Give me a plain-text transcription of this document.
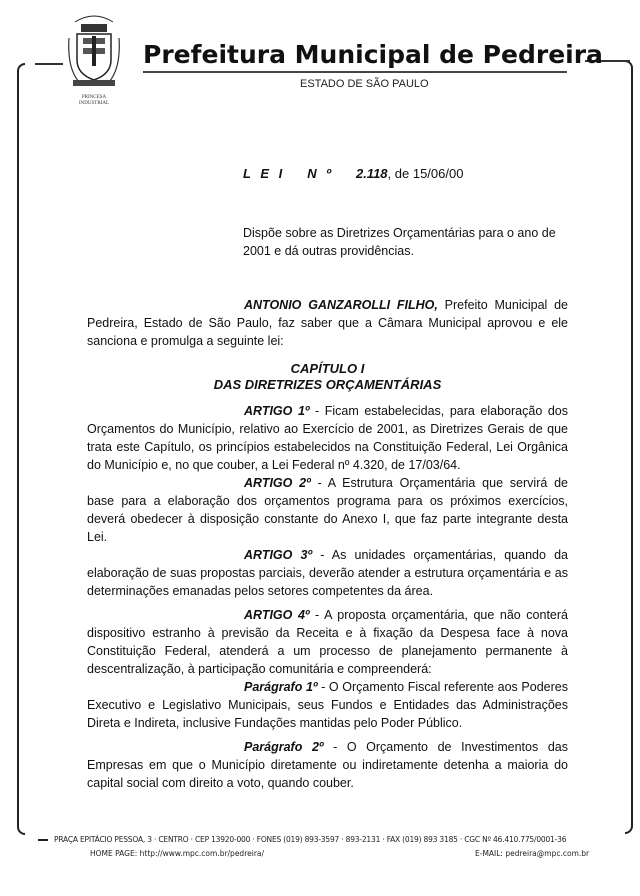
PRINCESA
INDUSTRIAL
Prefeitura Municipal de Pedreira
ESTADO DE SÃO PAULO
L E I N º 2.118, de 15/06/00
Dispõe sobre as Diretrizes Orçamentárias para o ano de 2001 e dá outras providências.
ANTONIO GANZAROLLI FILHO, Prefeito Municipal de Pedreira, Estado de São Paulo, faz saber que a Câmara Municipal aprovou e ele sanciona e promulga a seguinte lei:
CAPÍTULO I
DAS DIRETRIZES ORÇAMENTÁRIAS
ARTIGO 1º - Ficam estabelecidas, para elaboração dos Orçamentos do Município, relativo ao Exercício de 2001, as Diretrizes Gerais de que trata este Capítulo, os princípios estabelecidos na Constituição Federal, Lei Orgânica do Município e, no que couber, a Lei Federal nº 4.320, de 17/03/64.
ARTIGO 2º - A Estrutura Orçamentária que servirá de base para a elaboração dos orçamentos programa para os próximos exercícios, deverá obedecer à disposição constante do Anexo I, que faz parte integrante desta Lei.
ARTIGO 3º - As unidades orçamentárias, quando da elaboração de suas propostas parciais, deverão atender a estrutura orçamentária e as determinações emanadas pelos setores competentes da área.
ARTIGO 4º - A proposta orçamentária, que não conterá dispositivo estranho à previsão da Receita e à fixação da Despesa face à nova Constituição Federal, atenderá a um processo de planejamento permanente à descentralização, à participação comunitária e compreenderá:
Parágrafo 1º - O Orçamento Fiscal referente aos Poderes Executivo e Legislativo Municipais, seus Fundos e Entidades das Administrações Direta e Indireta, inclusive Fundações mantidas pelo Poder Público.
Parágrafo 2º - O Orçamento de Investimentos das Empresas em que o Município diretamente ou indiretamente detenha a maioria do capital social com direito a voto, quando couber.
PRAÇA EPITÁCIO PESSOA, 3 · CENTRO · CEP 13920-000 · FONES (019) 893-3597 · 893-2131 · FAX (019) 893 3185 · CGC Nº 46.410.775/0001-36
HOME PAGE: http://www.mpc.com.br/pedreira/	E-MAIL: pedreira@mpc.com.br
